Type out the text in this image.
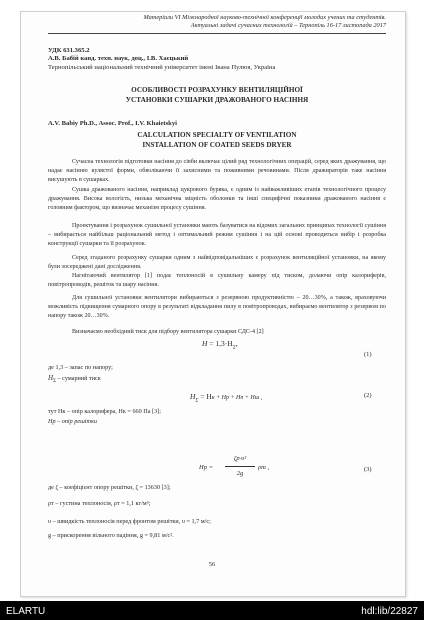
Матеріали VI Міжнародної науково-технічної конференції молодих учених та студентів.
Актуальні задачі сучасних технологій – Тернопіль 16-17 листопада 2017
УДК 631.365.2
А.В. Бабій канд. техн. наук, доц., І.В. Хаєцький
Тернопільський національний технічний університет імені Івана Пулюя, Україна
ОСОБЛИВОСТІ РОЗРАХУНКУ ВЕНТИЛЯЦІЙНОЇ
УСТАНОВКИ СУШАРКИ ДРАЖОВАНОГО НАСІННЯ
A.V. Babiy Ph.D., Assoc. Prof., I.V. Khaietskyi
CALCULATION SPECIALTY OF VENTILATION
INSTALLATION OF COATED SEEDS DRYER
Сучасна технологія підготовки насіння до сівби включає цілий ряд технологічних операцій, серед яких дражування, що надає насінню кулястої форми, обволікаючи її захисними та поживними речовинами. Після дражираторів таке насіння висушують в сушарках.
Сушка дражованого насіння, наприклад цукрового буряка, є одним із найважливіших етапів технологічного процесу дражування. Висока вологість, низька механічна міцність оболонки та інші специфічні показники дражованого насіння є головним фактором, що визначає механізм процесу сушіння.
Проектування і розрахунок сушильної установки мають базуватися на відомих загальних принципах технології сушіння – вибирається найбільш раціональний метод і оптимальний режим сушіння і на цій основі проводиться вибір і розробка конструкції сушарки та її розрахунок.
Серед згаданого розрахунку сушарки одним з найвідповідальніших є розрахунок вентиляційної установки, на якому були зосереджені дані дослідження.
Нагнітаючий вентилятор [1] подає теплоносій в сушильну камеру під тиском, долаючи опір калориферів, повітропроводів, решіток та шару насіння.
Для сушильної установки вентилятори вибираються з резервною продуктивністю – 20…30%, а також, враховуючи можливість підвищення сумарного опору в результаті відкладання пилу в повітропроводах, вибираємо вентилятор з резервом по напору також 20…30%.
Визначаємо необхідний тиск для підбору вентилятора сушарки СДС-4 [2]
$H = 1,3\cdot H_\Sigma$,
(1)
де 1,3 – запас по напору;
$H_\Sigma$ – сумарний тиск
$H_\Sigma$ = Hк + Hр + Hп + Hш ,	(2)
тут Hк – опір калорифера, Hк = 660 Па [3];
Hр – опір решітки
Hр =
ζр·υ²
2g
ρт ,	(3)
де ζ – коефіцієнт опору решітки, ζ = 13630 [3];
ρт – густина теплоносія, ρт = 1,1 кг/м³;
υ – швидкість теплоносія перед фронтом решітки, υ = 1,7 м/с;
g – прискорення вільного падіння, g = 9,81 м/с².
56
ELARTU	hdl:lib/22827
